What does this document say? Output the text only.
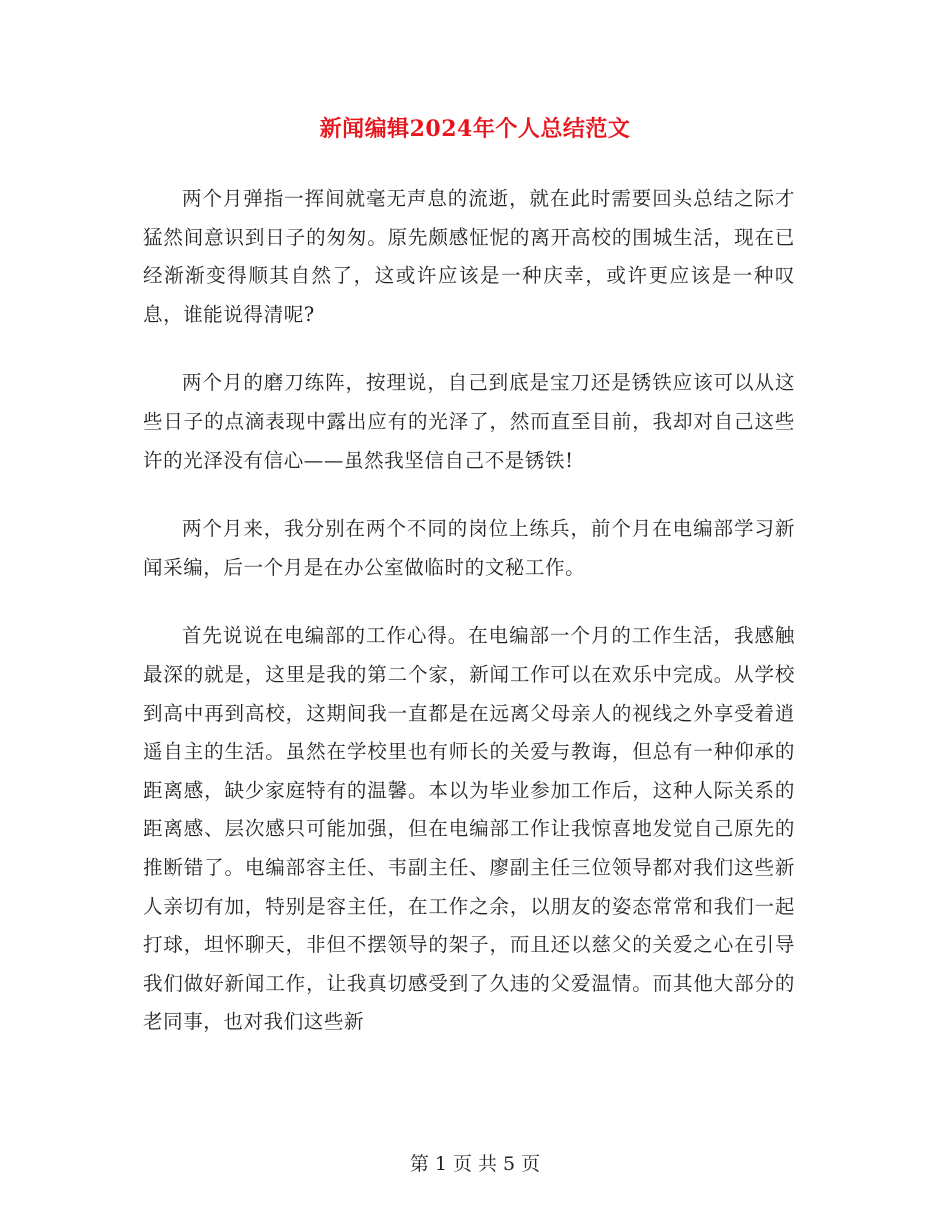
新闻编辑2024年个人总结范文

两个月弹指一挥间就毫无声息的流逝，就在此时需要回头总结之际才猛然间意识到日子的匆匆。原先颇感怔怩的离开高校的围城生活，现在已经渐渐变得顺其自然了，这或许应该是一种庆幸，或许更应该是一种叹息，谁能说得清呢?

两个月的磨刀练阵，按理说，自己到底是宝刀还是锈铁应该可以从这些日子的点滴表现中露出应有的光泽了，然而直至目前，我却对自己这些许的光泽没有信心——虽然我坚信自己不是锈铁!

两个月来，我分别在两个不同的岗位上练兵，前个月在电编部学习新闻采编，后一个月是在办公室做临时的文秘工作。

首先说说在电编部的工作心得。在电编部一个月的工作生活，我感触最深的就是，这里是我的第二个家，新闻工作可以在欢乐中完成。从学校到高中再到高校，这期间我一直都是在远离父母亲人的视线之外享受着逍遥自主的生活。虽然在学校里也有师长的关爱与教诲，但总有一种仰承的距离感，缺少家庭特有的温馨。本以为毕业参加工作后，这种人际关系的距离感、层次感只可能加强，但在电编部工作让我惊喜地发觉自己原先的推断错了。电编部容主任、韦副主任、廖副主任三位领导都对我们这些新人亲切有加，特别是容主任，在工作之余，以朋友的姿态常常和我们一起打球，坦怀聊天，非但不摆领导的架子，而且还以慈父的关爱之心在引导我们做好新闻工作，让我真切感受到了久违的父爱温情。而其他大部分的老同事，也对我们这些新

第 1 页 共 5 页
